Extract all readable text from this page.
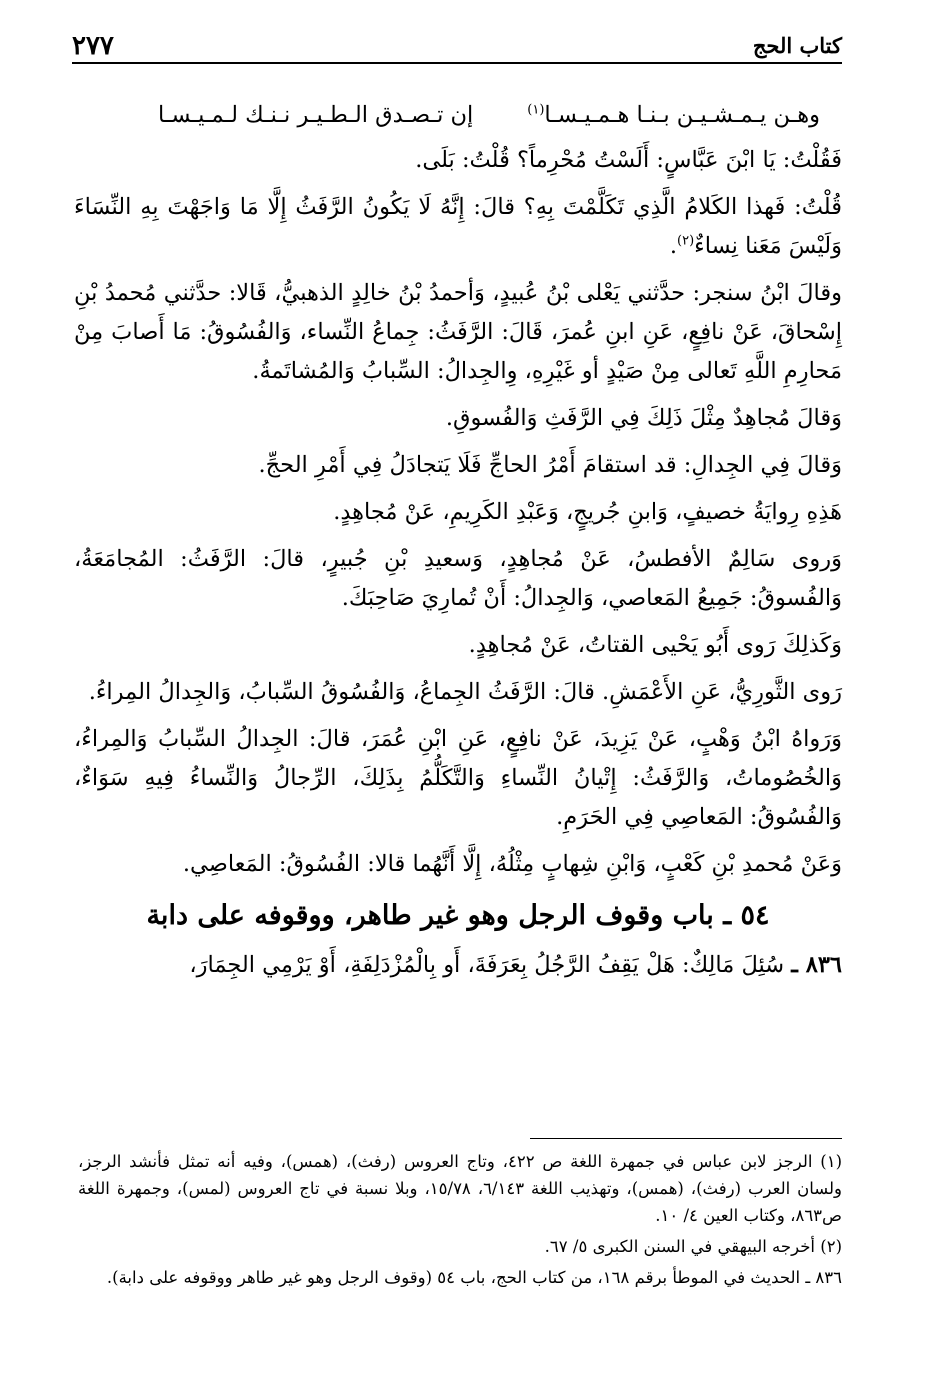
كتاب الحج
٢٧٧
وهـن يـمـشـيـن بـنـا هـمـيـسـا$^{(١)}$
إن تـصـدق الـطـيـر نـنـك لـمـيـسـا

فَقُلْتُ: يَا ابْنَ عَبَّاسٍ: أَلَسْتُ مُحْرِماً؟ قُلْتُ: بَلَى.

قُلْتُ: فَهذا الكَلامُ الَّذِي تَكَلَّمْتَ بِهِ؟ قالَ: إِنَّهُ لَا يَكُونُ الرَّفَثُ إِلَّا مَا وَاجَهْتَ بِهِ النِّسَاءَ وَلَيْسَ مَعَنا نِساءٌ$^{(٢)}$.

وقالَ ابْنُ سنجر: حدَّثني يَعْلى بْنُ عُبيدٍ، وَأحمدُ بْنُ خالِدٍ الذهبيُّ، قَالا: حدَّثني مُحمدُ بْنِ إِسْحاقَ، عَنْ نافِعٍ، عَنِ ابنِ عُمرَ، قَالَ: الرَّفَثُ: جِماعُ النِّساء، وَالفُسُوقُ: مَا أَصابَ مِنْ مَحارِمِ اللَّهِ تَعالى مِنْ صَيْدٍ أو غَيْرِهِ، وِالجِدالُ: السِّبابُ وَالمُشاتَمةُ.

وَقالَ مُجاهِدٌ مِثْلَ ذَلِكَ فِي الرَّفَثِ وَالفُسوقِ.

وَقالَ فِي الجِدالِ: قد استقامَ أَمْرُ الحاجِّ فَلَا يَتجادَلُ فِي أَمْرِ الحجِّ.

هَذِهِ رِوايَةُ خصيفٍ، وَابنِ جُريجٍ، وَعَبْدِ الكَرِيمِ، عَنْ مُجاهِدٍ.

وَروى سَالِمٌ الأفطسُ، عَنْ مُجاهِدٍ، وَسعيدِ بْنِ جُبيرٍ، قالَ: الرَّفَثُ: المُجامَعَةُ، وَالفُسوقُ: جَمِيعُ المَعاصي، وَالجِدالُ: أَنْ تُمارِيَ صَاحِبَكَ.

وَكَذلِكَ رَوى أَبُو يَحْيى القتاتُ، عَنْ مُجاهِدٍ.

رَوى الثَّورِيُّ، عَنِ الأَعْمَشِ. قالَ: الرَّفَثُ الجِماعُ، وَالفُسُوقُ السِّبابُ، وَالجِدالُ المِراءُ.

وَرَواهُ ابْنُ وَهْبٍ، عَنْ يَزِيدَ، عَنْ نافِعٍ، عَنِ ابْنِ عُمَرَ، قالَ: الجِدالُ السِّبابُ وَالمِراءُ، وَالخُصُوماتُ، وَالرَّفَثُ: إِتْيانُ النِّساءِ وَالتَّكَلُّمُ بِذَلِكَ، الرِّجالُ وَالنِّساءُ فِيهِ سَوَاءٌ، وَالفُسُوقُ: المَعاصِي فِي الحَرَمِ.

وَعَنْ مُحمدِ بْنِ كَعْبٍ، وَابْنِ شِهابٍ مِثْلُهُ، إِلَّا أَنَّهُما قالا: الفُسُوقُ: المَعاصِي.

٥٤ ـ باب وقوف الرجل وهو غير طاهر، ووقوفه على دابة

٨٣٦ ـ سُئِلَ مَالِكٌ: هَلْ يَقِفُ الرَّجُلُ بِعَرَفَةَ، أَو بِالْمُزْدَلِفَةِ، أَوْ يَرْمِي الجِمَارَ،

(١) الرجز لابن عباس في جمهرة اللغة ص ٤٢٢، وتاج العروس (رفث)، (همس)، وفيه أنه تمثل فأنشد الرجز، ولسان العرب (رفث)، (همس)، وتهذيب اللغة ٦/١٤٣، ١٥/٧٨، وبلا نسبة في تاج العروس (لمس)، وجمهرة اللغة ص٨٦٣، وكتاب العين ٤/ ١٠.

(٢) أخرجه البيهقي في السنن الكبرى ٥/ ٦٧.

٨٣٦ ـ الحديث في الموطأ برقم ١٦٨، من كتاب الحج، باب ٥٤ (وقوف الرجل وهو غير طاهر ووقوفه على دابة).
